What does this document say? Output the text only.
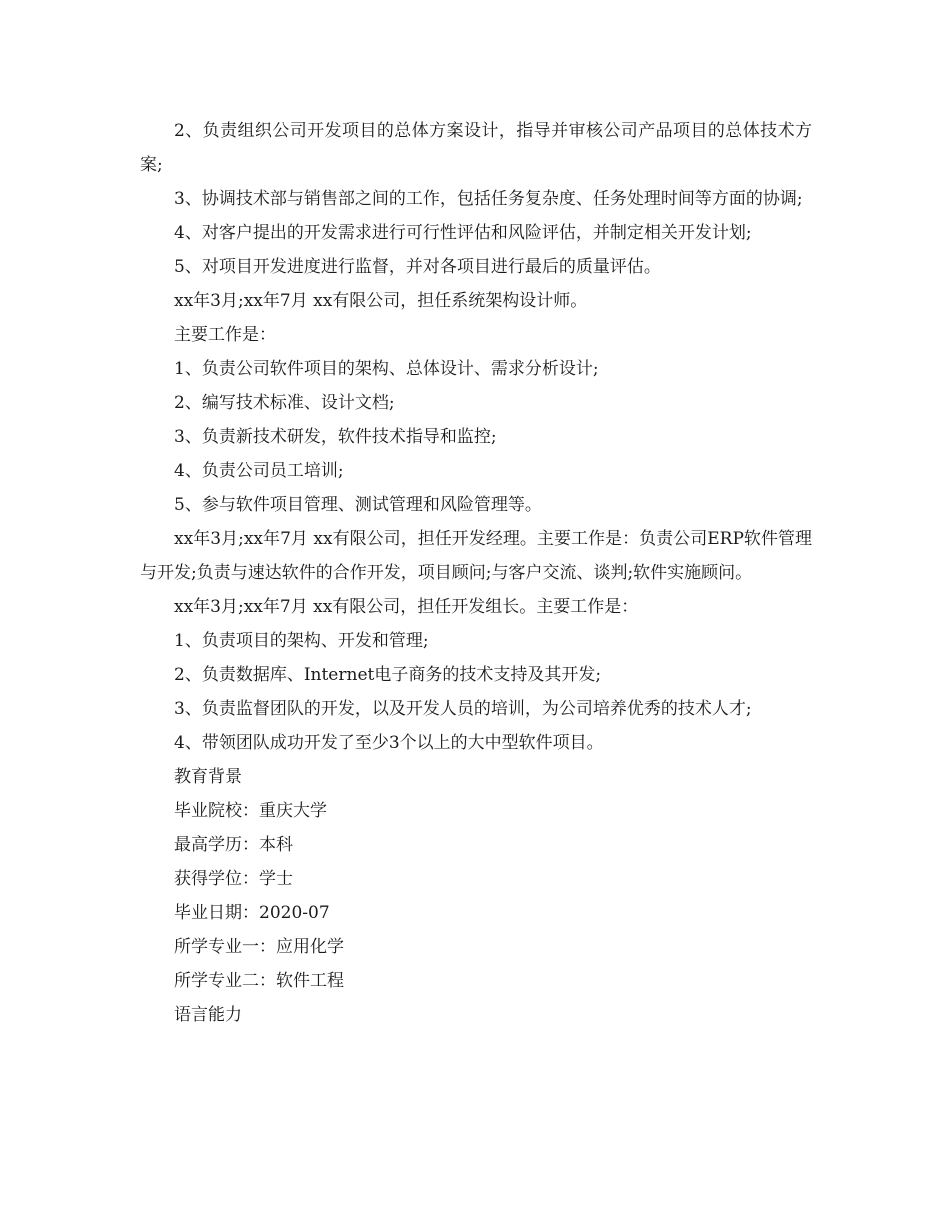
2、负责组织公司开发项目的总体方案设计，指导并审核公司产品项目的总体技术方案;

3、协调技术部与销售部之间的工作，包括任务复杂度、任务处理时间等方面的协调;

4、对客户提出的开发需求进行可行性评估和风险评估，并制定相关开发计划;

5、对项目开发进度进行监督，并对各项目进行最后的质量评估。

xx年3月;xx年7月 xx有限公司，担任系统架构设计师。

主要工作是：

1、负责公司软件项目的架构、总体设计、需求分析设计;

2、编写技术标准、设计文档;

3、负责新技术研发，软件技术指导和监控;

4、负责公司员工培训;

5、参与软件项目管理、测试管理和风险管理等。

xx年3月;xx年7月 xx有限公司，担任开发经理。主要工作是：负责公司ERP软件管理与开发;负责与速达软件的合作开发，项目顾问;与客户交流、谈判;软件实施顾问。

xx年3月;xx年7月 xx有限公司，担任开发组长。主要工作是：

1、负责项目的架构、开发和管理;

2、负责数据库、Internet电子商务的技术支持及其开发;

3、负责监督团队的开发，以及开发人员的培训，为公司培养优秀的技术人才;

4、带领团队成功开发了至少3个以上的大中型软件项目。

教育背景

毕业院校：重庆大学

最高学历：本科

获得学位：学士

毕业日期：2020-07

所学专业一：应用化学

所学专业二：软件工程

语言能力
